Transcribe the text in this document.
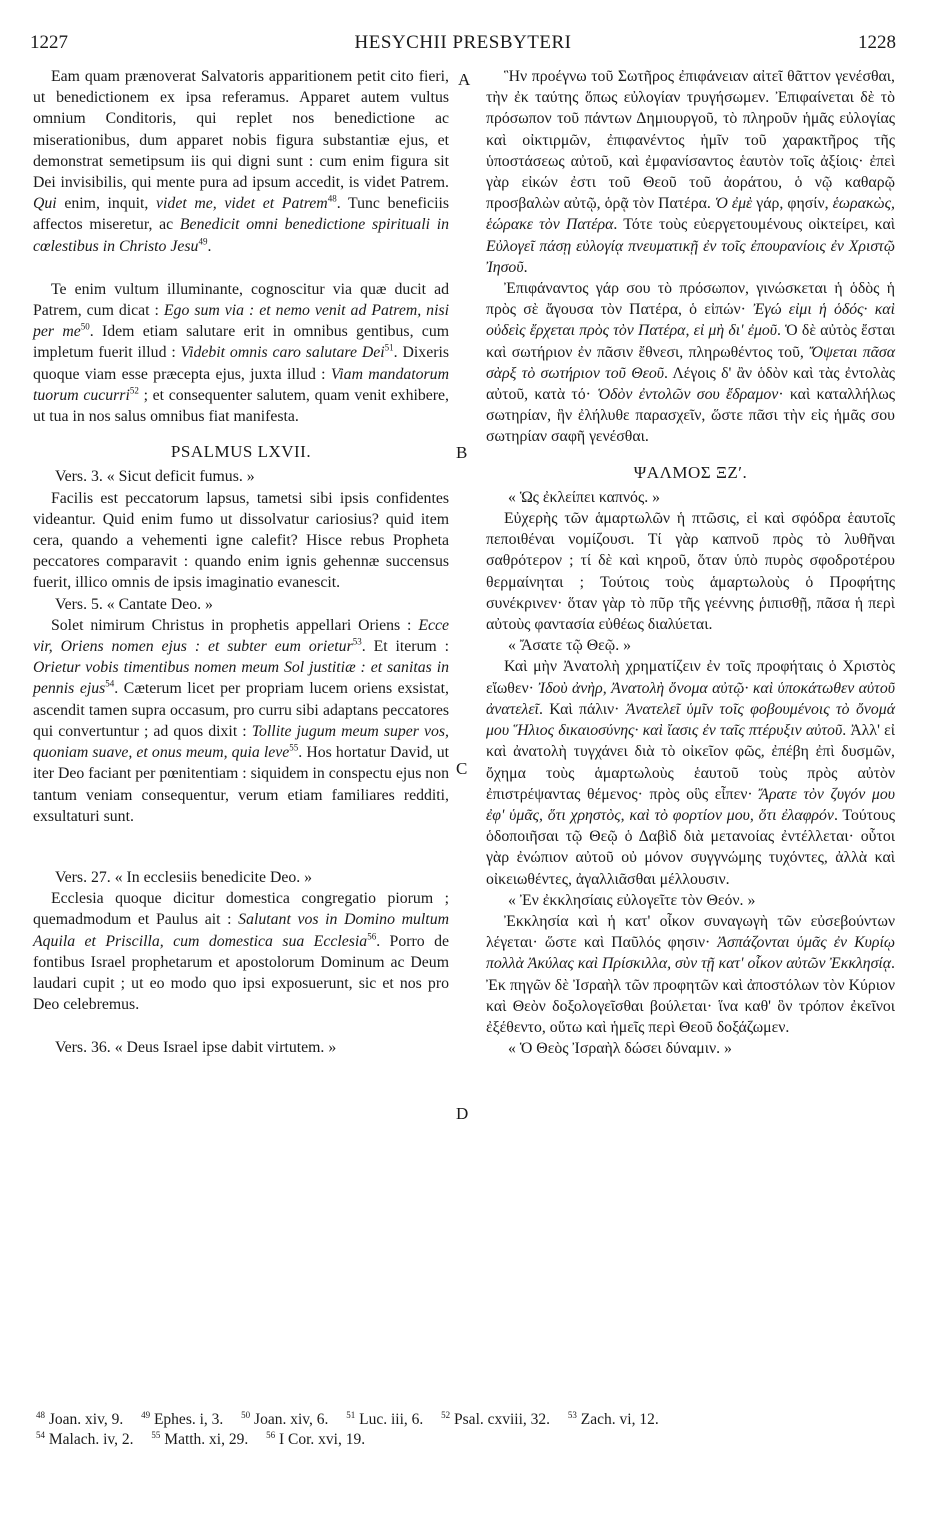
1227	HESYCHII PRESBYTERI	1228
A
B
C
D

Eam quam prænoverat Salvatoris apparitionem petit cito fieri, ut benedictionem ex ipsa referamus. Apparet autem vultus omnium Conditoris, qui replet nos benedictione ac miserationibus, dum apparet nobis figura substantiæ ejus, et demonstrat semetipsum iis qui digni sunt : cum enim figura sit Dei invisibilis, qui mente pura ad ipsum accedit, is videt Patrem. Qui enim, inquit, videt me, videt et Patrem$^{48}$. Tunc beneficiis affectos miseretur, ac Benedicit omni benedictione spirituali in cœlestibus in Christo Jesu$^{49}$.

Te enim vultum illuminante, cognoscitur via quæ ducit ad Patrem, cum dicat : Ego sum via : et nemo venit ad Patrem, nisi per $me^{50}$. Idem etiam salutare erit in omnibus gentibus, cum impletum fuerit illud : Videbit omnis caro salutare Dei$^{51}$. Dixeris quoque viam esse præcepta ejus, juxta illud : Viam mandatorum tuorum cucurri$^{52}$ ; et consequenter salutem, quam venit exhibere, ut tua in nos salus omnibus fiat manifesta.

PSALMUS LXVII.

Vers. 3. « Sicut deficit fumus. »

Facilis est peccatorum lapsus, tametsi sibi ipsis confidentes videantur. Quid enim fumo ut dissolvatur cariosius? quid item cera, quando a vehementi igne calefit? Hisce rebus Propheta peccatores comparavit : quando enim ignis gehennæ succensus fuerit, illico omnis de ipsis imaginatio evanescit.

Vers. 5. « Cantate Deo. »

Solet nimirum Christus in prophetis appellari Oriens : Ecce vir, Oriens nomen ejus : et subter eum orietur$^{53}$. Et iterum : Orietur vobis timentibus nomen meum Sol justitiæ : et sanitas in pennis ejus$^{54}$. Cæterum licet per propriam lucem oriens exsistat, ascendit tamen supra occasum, pro curru sibi adaptans peccatores qui convertuntur ; ad quos dixit : Tollite jugum meum super vos, quoniam suave, et onus meum, quia leve$^{55}$. Hos hortatur David, ut iter Deo faciant per pœnitentiam : siquidem in conspectu ejus non tantum veniam consequentur, verum etiam familiares redditi, exsultaturi sunt.

Vers. 27. « In ecclesiis benedicite Deo. »

Ecclesia quoque dicitur domestica congregatio piorum ; quemadmodum et Paulus ait : Salutant vos in Domino multum Aquila et Priscilla, cum domestica sua Ecclesia$^{56}$. Porro de fontibus Israel prophetarum et apostolorum Dominum ac Deum laudari cupit ; ut eo modo quo ipsi exposuerunt, sic et nos pro Deo celebremus.

Vers. 36. « Deus Israel ipse dabit virtutem. »

Ἣν προέγνω τοῦ Σωτῆρος ἐπιφάνειαν αἰτεῖ θᾶττον γενέσθαι, τὴν ἐκ ταύτης ὅπως εὐλογίαν τρυγήσωμεν. Ἐπιφαίνεται δὲ τὸ πρόσωπον τοῦ πάντων Δημιουργοῦ, τὸ πληροῦν ἡμᾶς εὐλογίας καὶ οἰκτιρμῶν, ἐπιφανέντος ἡμῖν τοῦ χαρακτῆρος τῆς ὑποστάσεως αὐτοῦ, καὶ ἐμφανίσαντος ἑαυτὸν τοῖς ἀξίοις· ἐπεὶ γὰρ εἰκών ἐστι τοῦ Θεοῦ τοῦ ἀοράτου, ὁ νῷ καθαρῷ προσβαλὼν αὐτῷ, ὁρᾷ τὸν Πατέρα. Ὁ ἐμὲ γάρ, φησίν, ἑωρακὼς, ἑώρακε τὸν Πατέρα. Τότε τοὺς εὐεργετουμένους οἰκτείρει, καὶ Εὐλογεῖ πάσῃ εὐλογίᾳ πνευματικῇ ἐν τοῖς ἐπουρανίοις ἐν Χριστῷ Ἰησοῦ.

Ἐπιφάναντος γάρ σου τὸ πρόσωπον, γινώσκεται ἡ ὁδὸς ἡ πρὸς σὲ ἄγουσα τὸν Πατέρα, ὁ εἰπών· Ἐγώ εἰμι ἡ ὁδός· καὶ οὐδεὶς ἔρχεται πρὸς τὸν Πατέρα, εἰ μὴ δι' ἐμοῦ. Ὁ δὲ αὐτὸς ἔσται καὶ σωτήριον ἐν πᾶσιν ἔθνεσι, πληρωθέντος τοῦ, Ὄψεται πᾶσα σὰρξ τὸ σωτήριον τοῦ Θεοῦ. Λέγοις δ' ἂν ὁδὸν καὶ τὰς ἐντολὰς αὐτοῦ, κατὰ τό· Ὁδὸν ἐντολῶν σου ἔδραμον· καὶ καταλλήλως σωτηρίαν, ἣν ἐλήλυθε παρασχεῖν, ὥστε πᾶσι τὴν εἰς ἡμᾶς σου σωτηρίαν σαφῆ γενέσθαι.

ΨΑΛΜΟΣ ΞΖʹ.

« Ὡς ἐκλείπει καπνός. »

Εὐχερὴς τῶν ἁμαρτωλῶν ἡ πτῶσις, εἰ καὶ σφόδρα ἑαυτοῖς πεποιθέναι νομίζουσι. Τί γὰρ καπνοῦ πρὸς τὸ λυθῆναι σαθρότερον ; τί δὲ καὶ κηροῦ, ὅταν ὑπὸ πυρὸς σφοδροτέρου θερμαίνηται ; Τούτοις τοὺς ἁμαρτωλοὺς ὁ Προφήτης συνέκρινεν· ὅταν γὰρ τὸ πῦρ τῆς γεέννης ῥιπισθῇ, πᾶσα ἡ περὶ αὐτοὺς φαντασία εὐθέως διαλύεται.

« Ἄσατε τῷ Θεῷ. »

Καὶ μὴν Ἀνατολὴ χρηματίζειν ἐν τοῖς προφήταις ὁ Χριστὸς εἴωθεν· Ἰδοὺ ἀνὴρ, Ἀνατολὴ ὄνομα αὐτῷ· καὶ ὑποκάτωθεν αὐτοῦ ἀνατελεῖ. Καὶ πάλιν· Ἀνατελεῖ ὑμῖν τοῖς φοβουμένοις τὸ ὄνομά μου Ἥλιος δικαιοσύνης· καὶ ἴασις ἐν ταῖς πτέρυξιν αὐτοῦ. Ἀλλ' εἰ καὶ ἀνατολὴ τυγχάνει διὰ τὸ οἰκεῖον φῶς, ἐπέβη ἐπὶ δυσμῶν, ὄχημα τοὺς ἁμαρτωλοὺς ἑαυτοῦ τοὺς πρὸς αὐτὸν ἐπιστρέψαντας θέμενος· πρὸς οὓς εἶπεν· Ἄρατε τὸν ζυγόν μου ἐφ' ὑμᾶς, ὅτι χρηστὸς, καὶ τὸ φορτίον μου, ὅτι ἐλαφρόν. Τούτους ὁδοποιῆσαι τῷ Θεῷ ὁ Δαβὶδ διὰ μετανοίας ἐντέλλεται· οὗτοι γὰρ ἐνώπιον αὐτοῦ οὐ μόνον συγγνώμης τυχόντες, ἀλλὰ καὶ οἰκειωθέντες, ἀγαλλιᾶσθαι μέλλουσιν.

« Ἐν ἐκκλησίαις εὐλογεῖτε τὸν Θεόν. »

Ἐκκλησία καὶ ἡ κατ' οἶκον συναγωγὴ τῶν εὐσεβούντων λέγεται· ὥστε καὶ Παῦλός φησιν· Ἀσπάζονται ὑμᾶς ἐν Κυρίῳ πολλὰ Ἀκύλας καὶ Πρίσκιλλα, σὺν τῇ κατ' οἶκον αὐτῶν Ἐκκλησίᾳ. Ἐκ πηγῶν δὲ Ἰσραὴλ τῶν προφητῶν καὶ ἀποστόλων τὸν Κύριον καὶ Θεὸν δοξολογεῖσθαι βούλεται· ἵνα καθ' ὃν τρόπον ἐκεῖνοι ἐξέθεντο, οὕτω καὶ ἡμεῖς περὶ Θεοῦ δοξάζωμεν.

« Ὁ Θεὸς Ἰσραὴλ δώσει δύναμιν. »

$^{48}$ Joan. xiv, 9. $^{49}$ Ephes. i, 3. $^{50}$ Joan. xiv, 6. $^{51}$ Luc. iii, 6. $^{52}$ Psal. cxviii, 32. $^{53}$ Zach. vi, 12.
$^{54}$ Malach. iv, 2. $^{55}$ Matth. xi, 29. $^{56}$ I Cor. xvi, 19.
